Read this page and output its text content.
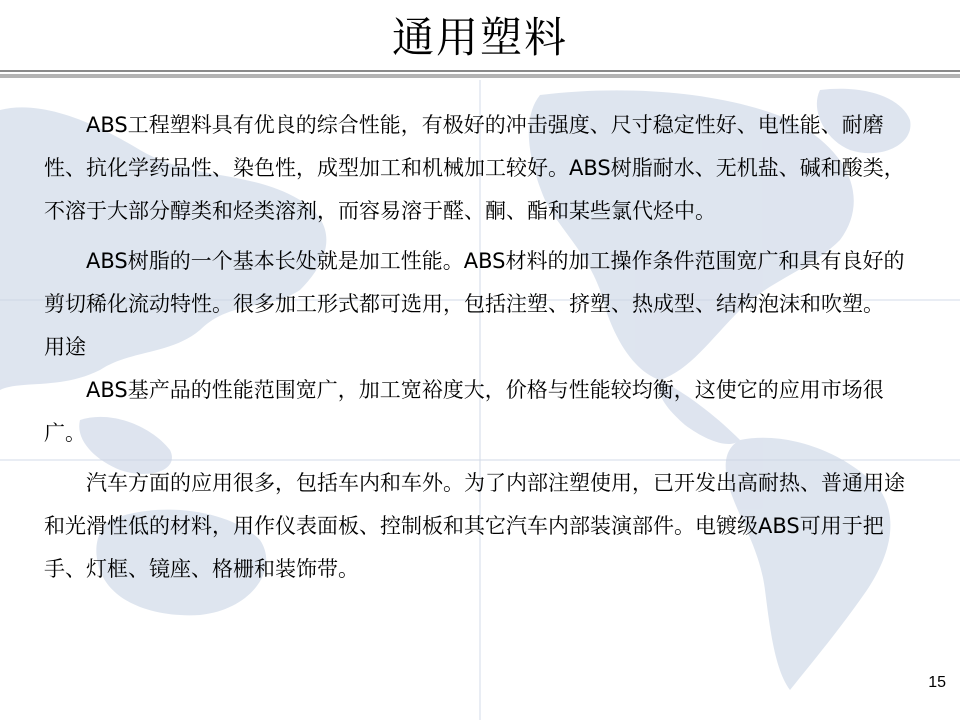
通用塑料

ABS工程塑料具有优良的综合性能，有极好的冲击强度、尺寸稳定性好、电性能、耐磨性、抗化学药品性、染色性，成型加工和机械加工较好。ABS树脂耐水、无机盐、碱和酸类，不溶于大部分醇类和烃类溶剂，而容易溶于醛、酮、酯和某些氯代烃中。

ABS树脂的一个基本长处就是加工性能。ABS材料的加工操作条件范围宽广和具有良好的剪切稀化流动特性。很多加工形式都可选用，包括注塑、挤塑、热成型、结构泡沫和吹塑。

用途

ABS基产品的性能范围宽广，加工宽裕度大，价格与性能较均衡，这使它的应用市场很广。

汽车方面的应用很多，包括车内和车外。为了内部注塑使用，已开发出高耐热、普通用途和光滑性低的材料，用作仪表面板、控制板和其它汽车内部装演部件。电镀级ABS可用于把手、灯框、镜座、格栅和装饰带。

15
